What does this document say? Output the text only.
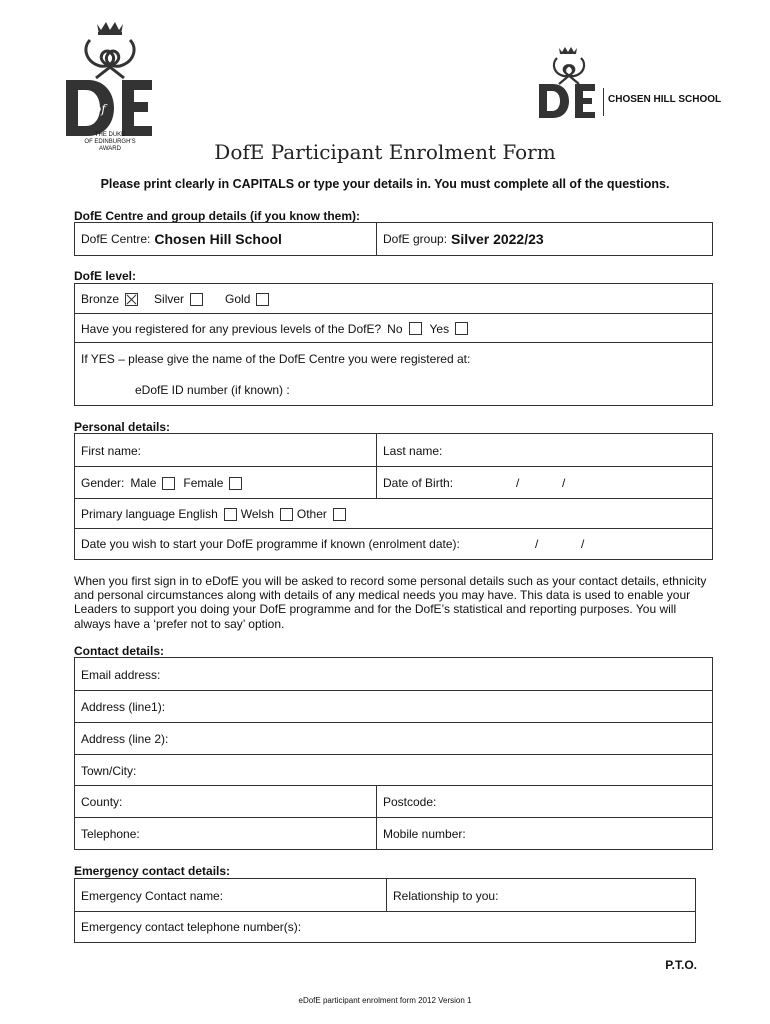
of
THE DUKE
OF EDINBURGH'S
AWARD
CHOSEN HILL SCHOOL
DofE Participant Enrolment Form
Please print clearly in CAPITALS or type your details in. You must complete all of the questions.
DofE Centre and group details (if you know them):
DofE Centre: Chosen Hill School	DofE group: Silver 2022/23
DofE level:
Bronze	Silver	Gold
Have you registered for any previous levels of the DofE? No Yes
If YES – please give the name of the DofE Centre you were registered at:
eDofE ID number (if known) :
Personal details:
First name:	Last name:
Gender: Male Female	Date of Birth:	/	/
Primary language English Welsh Other
Date you wish to start your DofE programme if known (enrolment date):	/	/
When you first sign in to eDofE you will be asked to record some personal details such as your contact details, ethnicity and personal circumstances along with details of any medical needs you may have. This data is used to enable your Leaders to support you doing your DofE programme and for the DofE’s statistical and reporting purposes. You will always have a ‘prefer not to say’ option.
Contact details:
Email address:
Address (line1):
Address (line 2):
Town/City:
County:	Postcode:
Telephone:	Mobile number:
Emergency contact details:
Emergency Contact name:	Relationship to you:
Emergency contact telephone number(s):
P.T.O.
eDofE participant enrolment form 2012 Version 1
